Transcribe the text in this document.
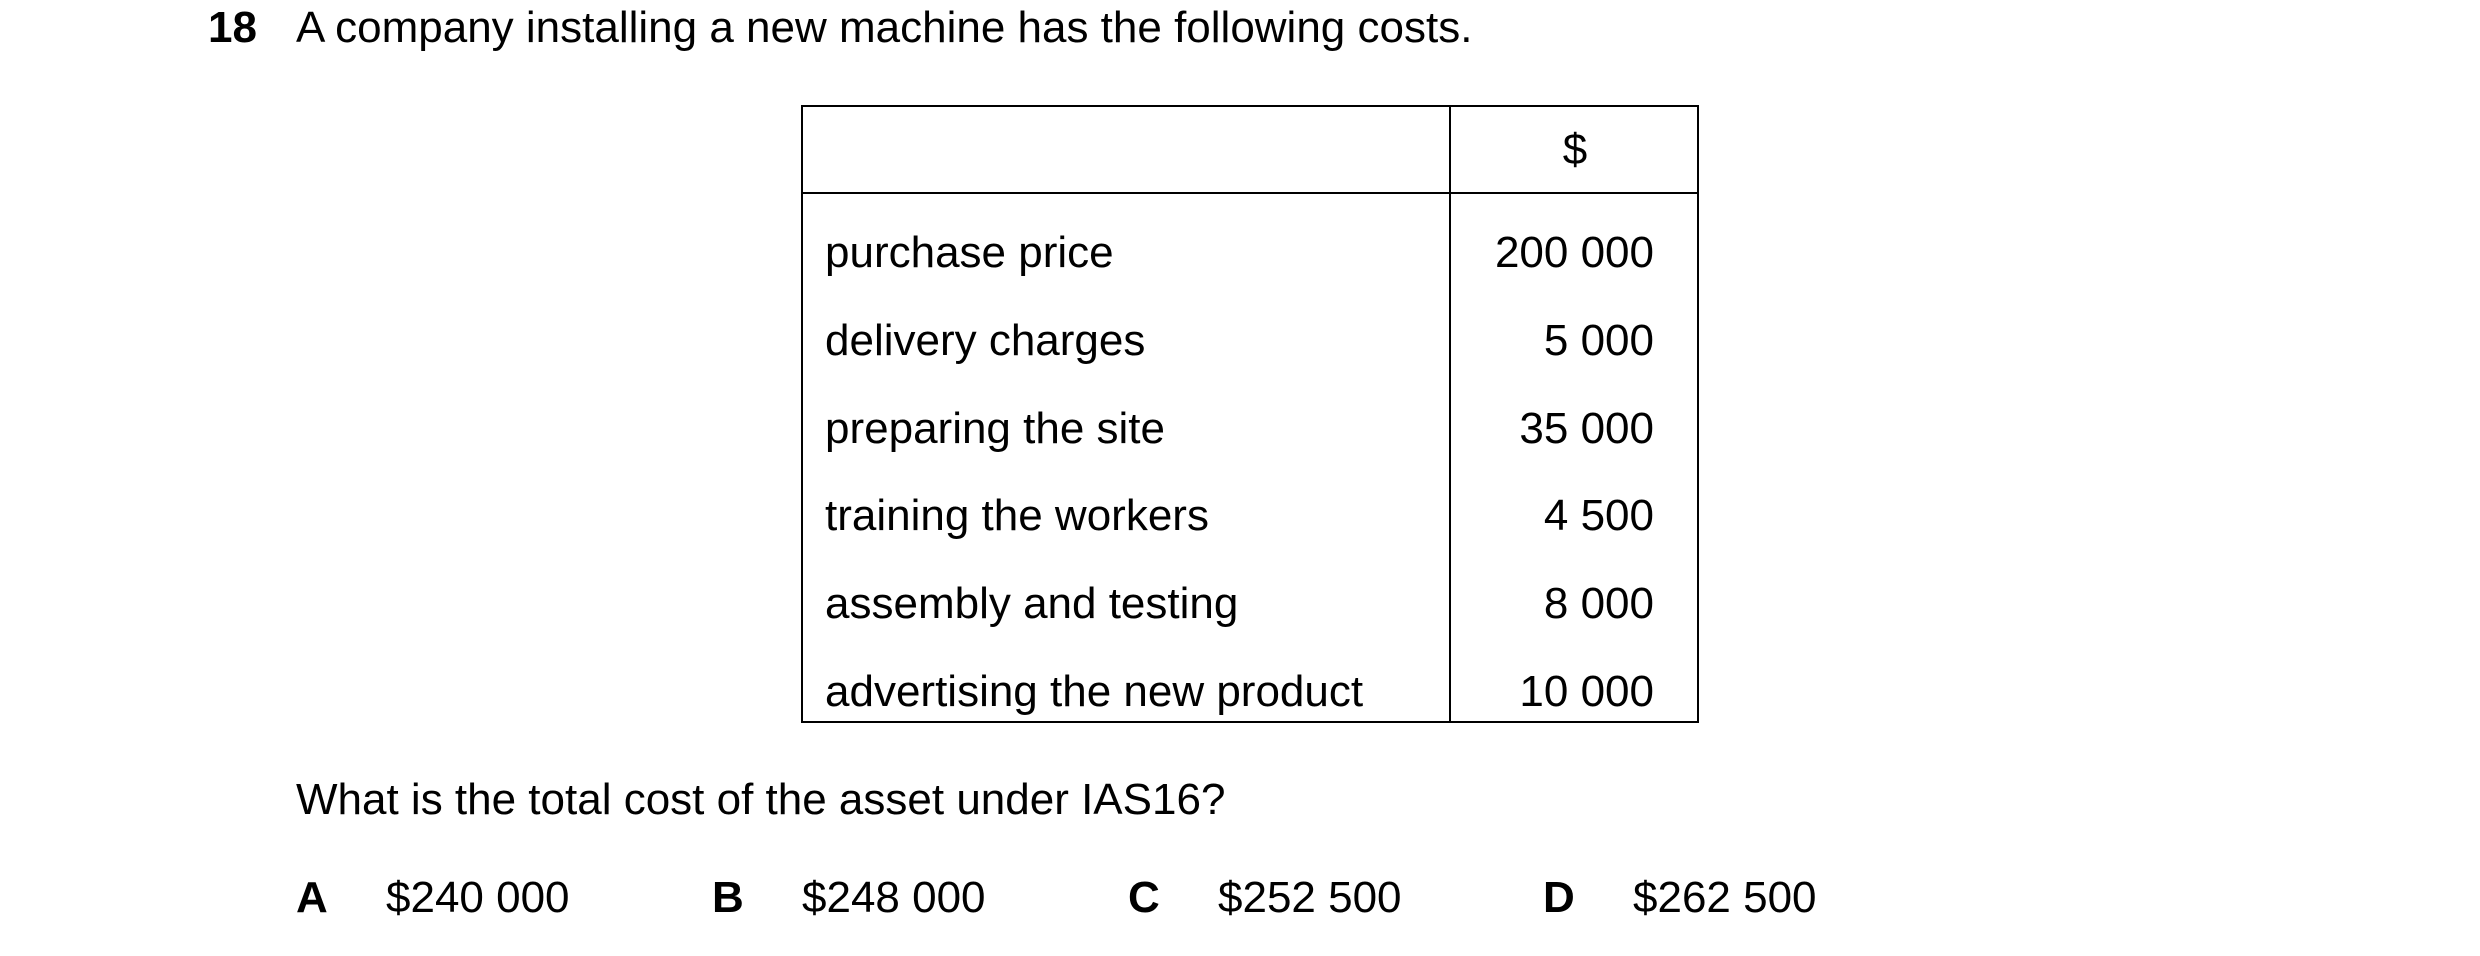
18 A company installing a new machine has the following costs.
$
purchase price	200 000
delivery charges	5 000
preparing the site	35 000
training the workers	4 500
assembly and testing	8 000
advertising the new product	10 000
What is the total cost of the asset under IAS16?
A $240 000	B $248 000	C $252 500	D $262 500
